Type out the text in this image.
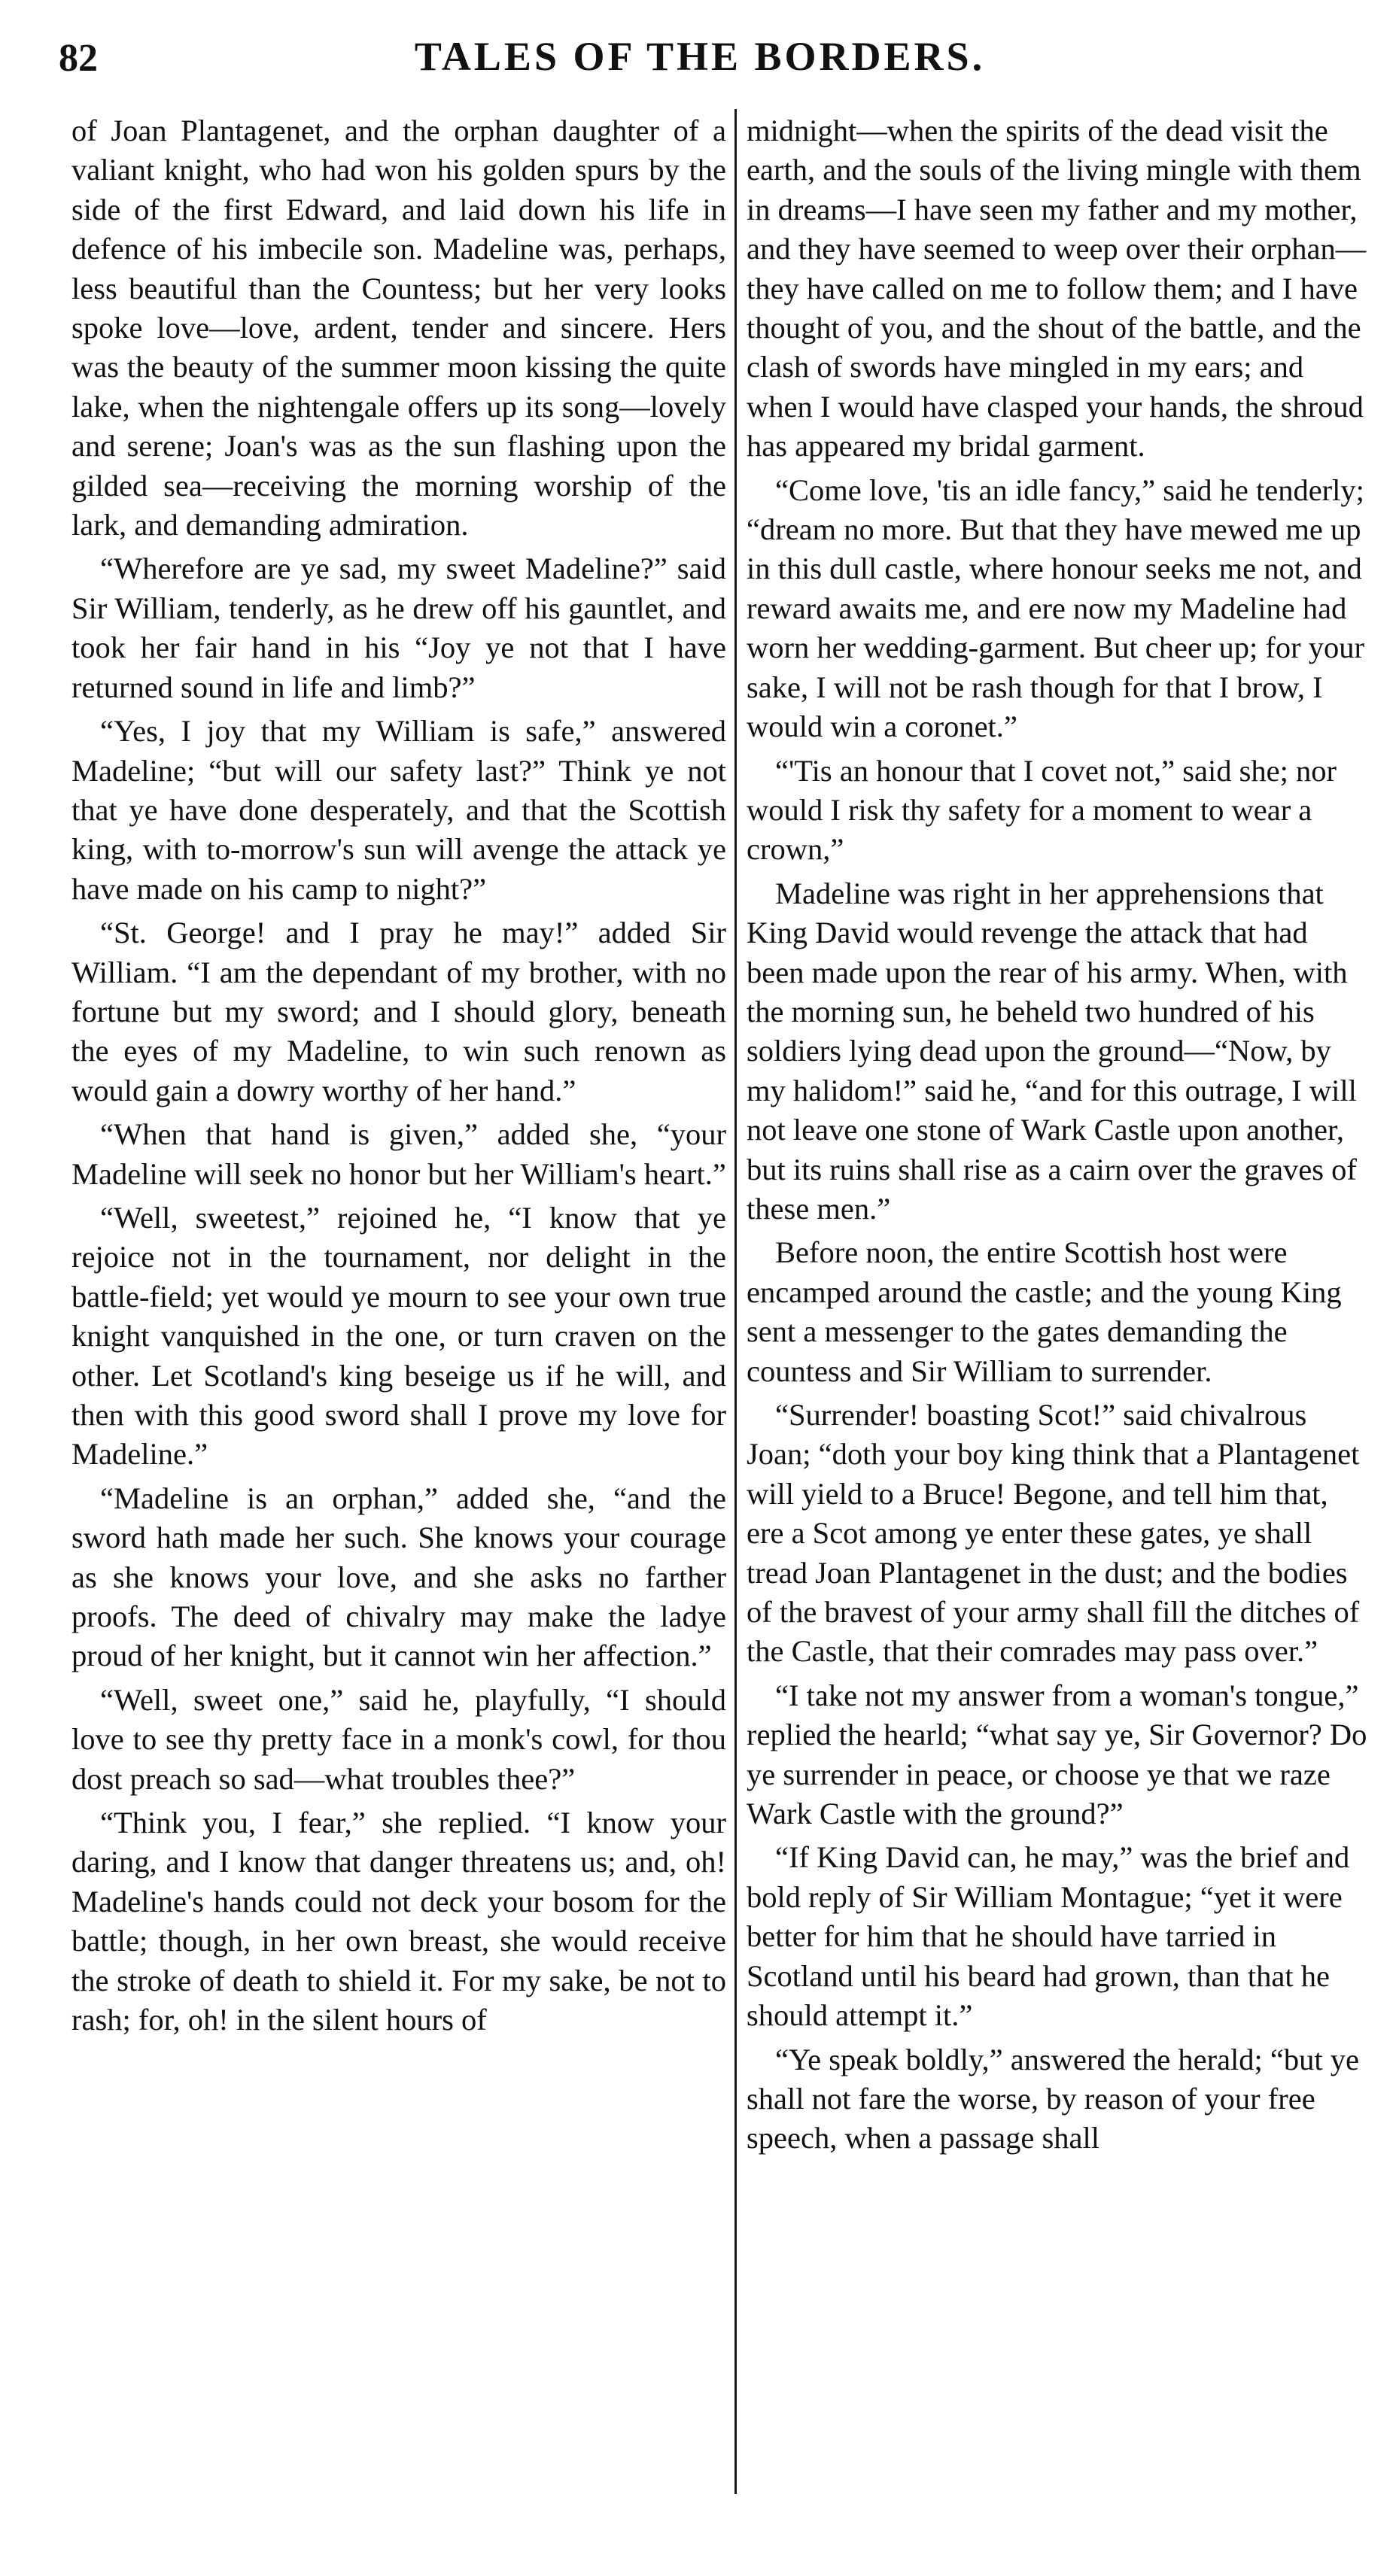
82	TALES OF THE BORDERS.

of Joan Plantagenet, and the orphan daughter of a valiant knight, who had won his golden spurs by the side of the first Edward, and laid down his life in defence of his imbecile son. Madeline was, perhaps, less beautiful than the Countess; but her very looks spoke love—love, ardent, tender and sincere. Hers was the beauty of the summer moon kissing the quite lake, when the nightengale offers up its song—lovely and serene; Joan's was as the sun flashing upon the gilded sea—receiving the morning worship of the lark, and demanding admiration.

“Wherefore are ye sad, my sweet Madeline?” said Sir William, tenderly, as he drew off his gauntlet, and took her fair hand in his “Joy ye not that I have returned sound in life and limb?”

“Yes, I joy that my William is safe,” answered Madeline; “but will our safety last?” Think ye not that ye have done desperately, and that the Scottish king, with to-morrow's sun will avenge the attack ye have made on his camp to night?”

“St. George! and I pray he may!” added Sir William. “I am the dependant of my brother, with no fortune but my sword; and I should glory, beneath the eyes of my Madeline, to win such renown as would gain a dowry worthy of her hand.”

“When that hand is given,” added she, “your Madeline will seek no honor but her William's heart.”

“Well, sweetest,” rejoined he, “I know that ye rejoice not in the tournament, nor delight in the battle-field; yet would ye mourn to see your own true knight vanquished in the one, or turn craven on the other. Let Scotland's king beseige us if he will, and then with this good sword shall I prove my love for Madeline.”

“Madeline is an orphan,” added she, “and the sword hath made her such. She knows your courage as she knows your love, and she asks no farther proofs. The deed of chivalry may make the ladye proud of her knight, but it cannot win her affection.”

“Well, sweet one,” said he, playfully, “I should love to see thy pretty face in a monk's cowl, for thou dost preach so sad—what troubles thee?”

“Think you, I fear,” she replied. “I know your daring, and I know that danger threatens us; and, oh! Madeline's hands could not deck your bosom for the battle; though, in her own breast, she would receive the stroke of death to shield it. For my sake, be not to rash; for, oh! in the silent hours of

midnight—when the spirits of the dead visit the earth, and the souls of the living mingle with them in dreams—I have seen my father and my mother, and they have seemed to weep over their orphan—they have called on me to follow them; and I have thought of you, and the shout of the battle, and the clash of swords have mingled in my ears; and when I would have clasped your hands, the shroud has appeared my bridal garment.

“Come love, 'tis an idle fancy,” said he tenderly; “dream no more. But that they have mewed me up in this dull castle, where honour seeks me not, and reward awaits me, and ere now my Madeline had worn her wedding-garment. But cheer up; for your sake, I will not be rash though for that I brow, I would win a coronet.”

“'Tis an honour that I covet not,” said she; nor would I risk thy safety for a moment to wear a crown,”

Madeline was right in her apprehensions that King David would revenge the attack that had been made upon the rear of his army. When, with the morning sun, he beheld two hundred of his soldiers lying dead upon the ground—“Now, by my halidom!” said he, “and for this outrage, I will not leave one stone of Wark Castle upon another, but its ruins shall rise as a cairn over the graves of these men.”

Before noon, the entire Scottish host were encamped around the castle; and the young King sent a messenger to the gates demanding the countess and Sir William to surrender.

“Surrender! boasting Scot!” said chivalrous Joan; “doth your boy king think that a Plantagenet will yield to a Bruce! Begone, and tell him that, ere a Scot among ye enter these gates, ye shall tread Joan Plantagenet in the dust; and the bodies of the bravest of your army shall fill the ditches of the Castle, that their comrades may pass over.”

“I take not my answer from a woman's tongue,” replied the hearld; “what say ye, Sir Governor? Do ye surrender in peace, or choose ye that we raze Wark Castle with the ground?”

“If King David can, he may,” was the brief and bold reply of Sir William Montague; “yet it were better for him that he should have tarried in Scotland until his beard had grown, than that he should attempt it.”

“Ye speak boldly,” answered the herald; “but ye shall not fare the worse, by reason of your free speech, when a passage shall
